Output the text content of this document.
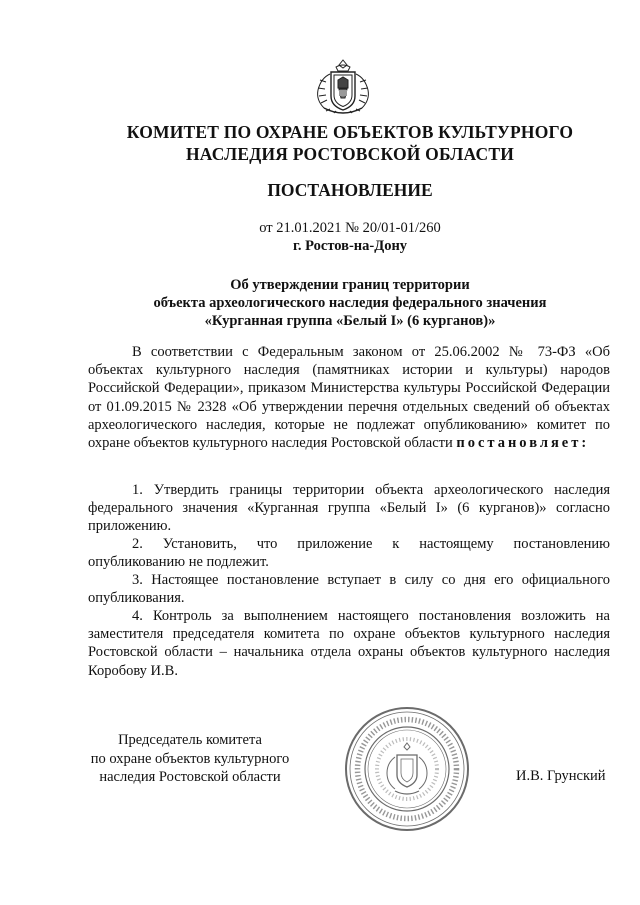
КОМИТЕТ ПО ОХРАНЕ ОБЪЕКТОВ КУЛЬТУРНОГО
НАСЛЕДИЯ РОСТОВСКОЙ ОБЛАСТИ
ПОСТАНОВЛЕНИЕ
от 21.01.2021 № 20/01-01/260
г. Ростов-на-Дону
Об утверждении границ территории
объекта археологического наследия федерального значения
«Курганная группа «Белый I» (6 курганов)»

В соответствии с Федеральным законом от 25.06.2002 № 73-ФЗ «Об объектах культурного наследия (памятниках истории и культуры) народов Российской Федерации», приказом Министерства культуры Российской Федерации от 01.09.2015 № 2328 «Об утверждении перечня отдельных сведений об объектах археологического наследия, которые не подлежат опубликованию» комитет по охране объектов культурного наследия Ростовской области постановляет:

1. Утвердить границы территории объекта археологического наследия федерального значения «Курганная группа «Белый I» (6 курганов)» согласно приложению.

2. Установить, что приложение к настоящему постановлению опубликованию не подлежит.

3. Настоящее постановление вступает в силу со дня его официального опубликования.

4. Контроль за выполнением настоящего постановления возложить на заместителя председателя комитета по охране объектов культурного наследия Ростовской области – начальника отдела охраны объектов культурного наследия Коробову И.В.

Председатель комитета
по охране объектов культурного
наследия Ростовской области	И.В. Грунский
